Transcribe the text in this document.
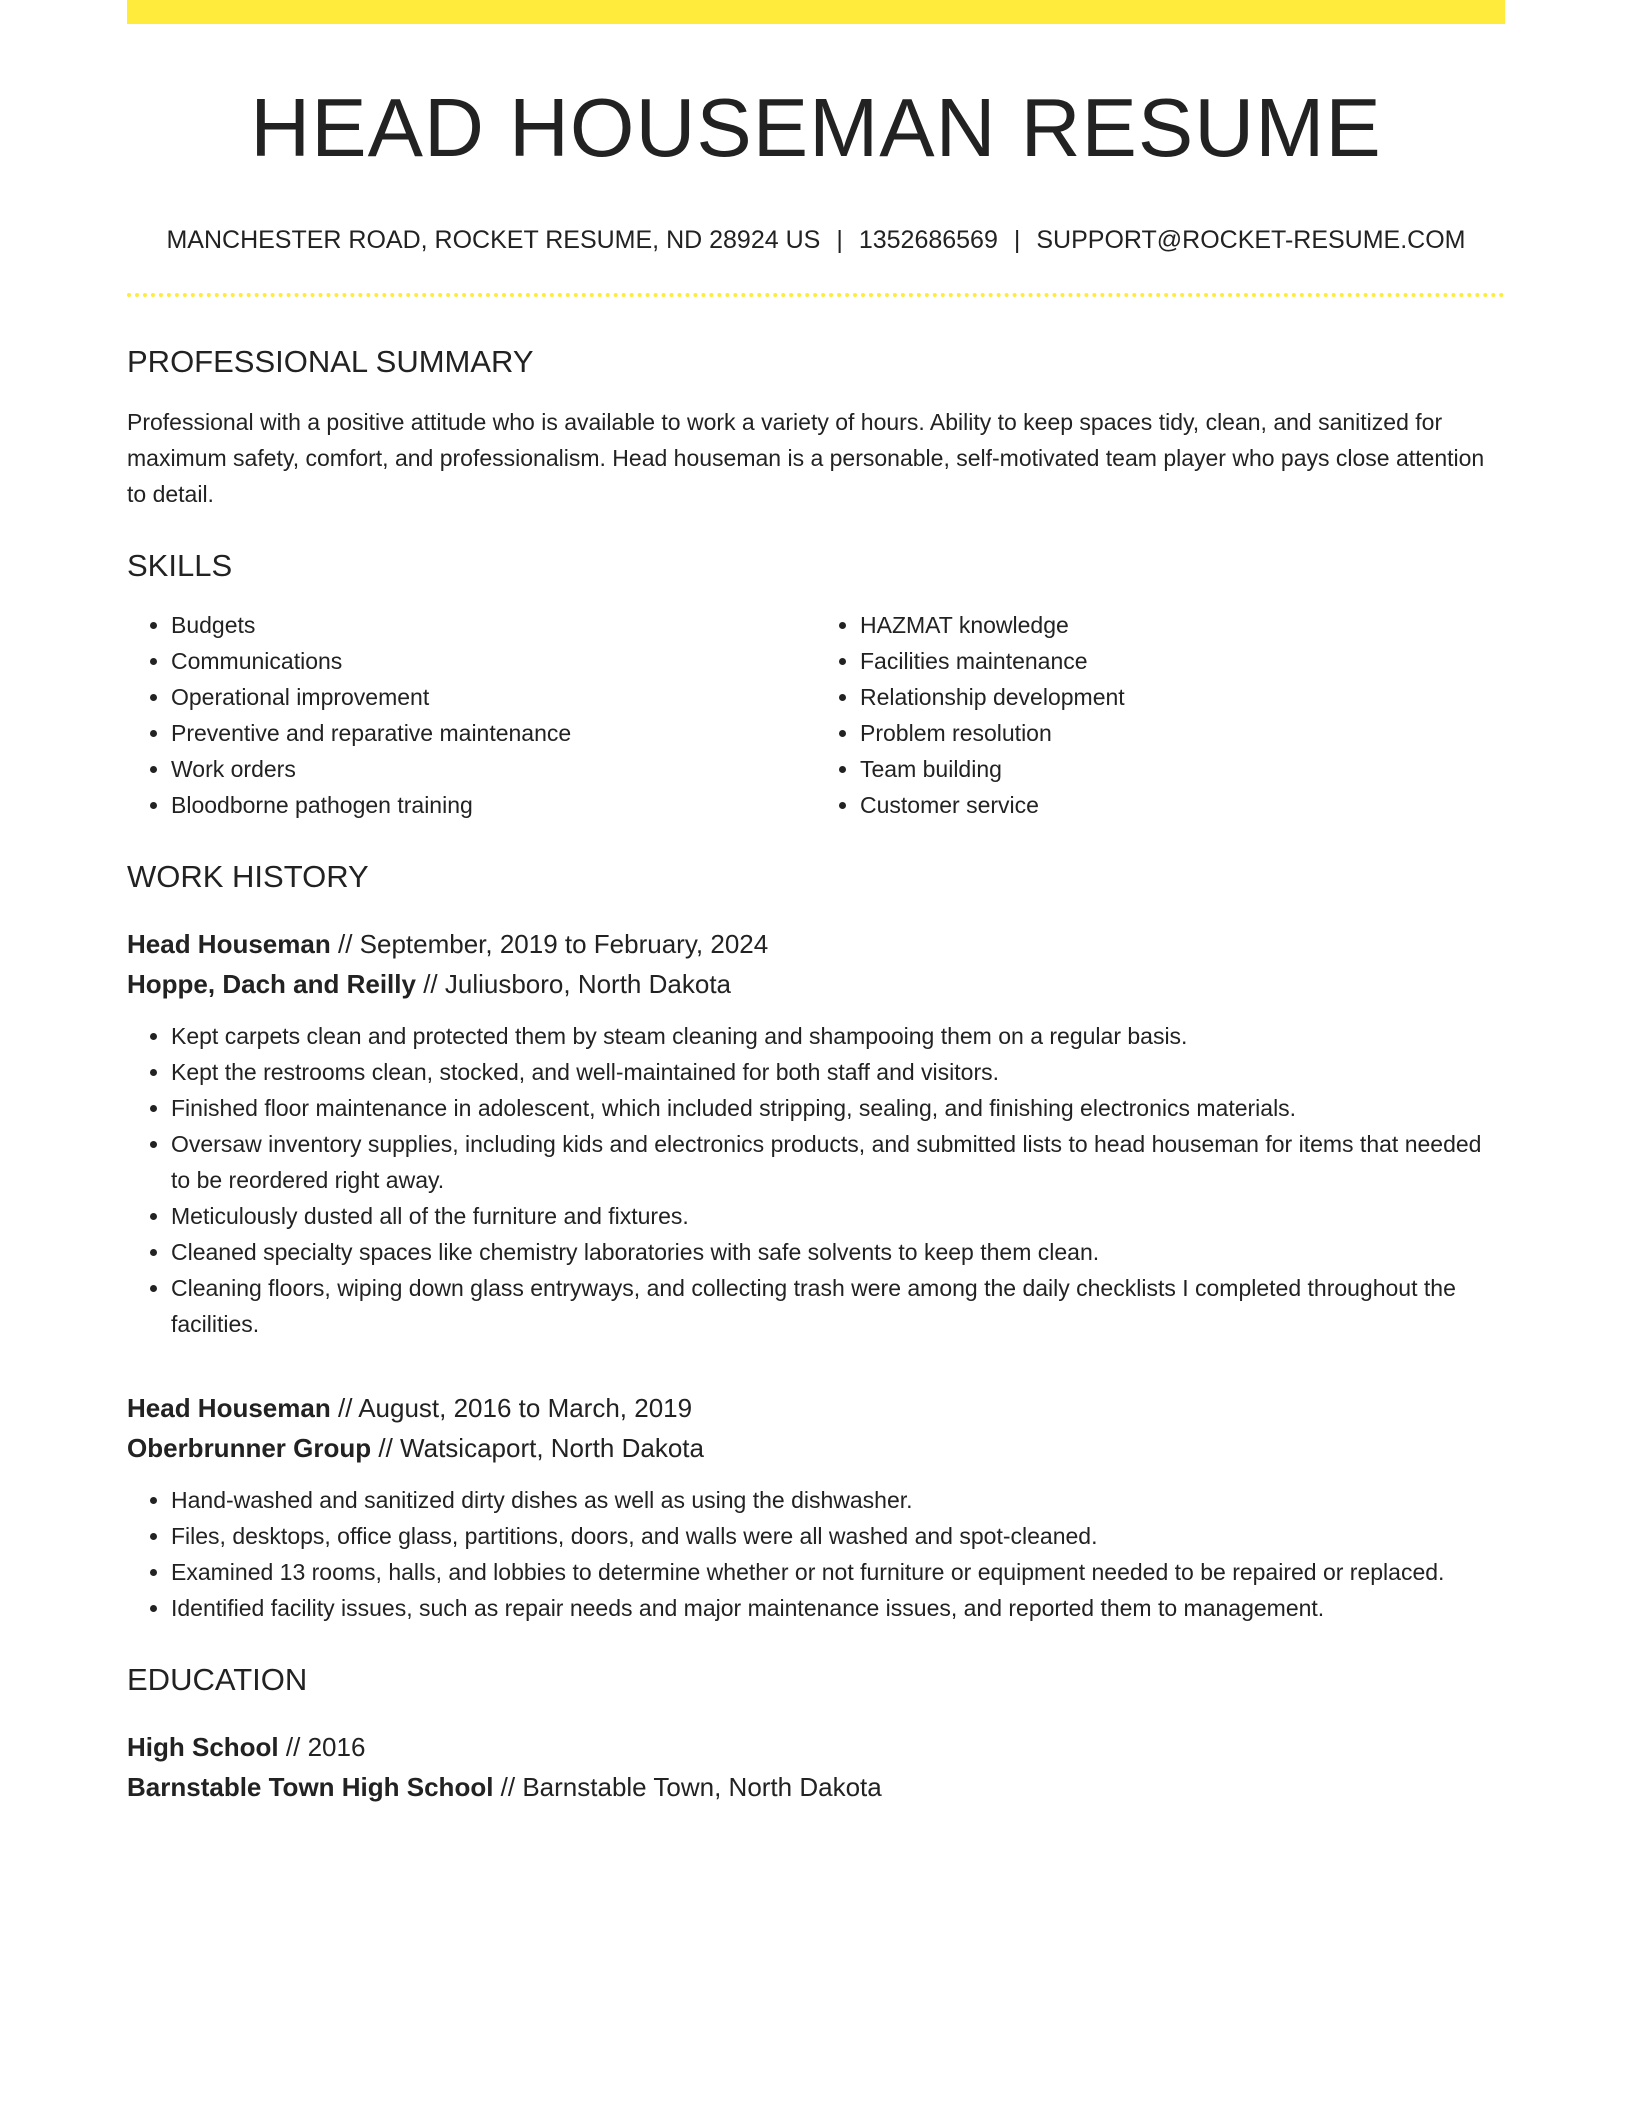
HEAD HOUSEMAN RESUME
MANCHESTER ROAD, ROCKET RESUME, ND 28924 US | 1352686569 | SUPPORT@ROCKET-RESUME.COM
PROFESSIONAL SUMMARY

Professional with a positive attitude who is available to work a variety of hours. Ability to keep spaces tidy, clean, and sanitized for maximum safety, comfort, and professionalism. Head houseman is a personable, self-motivated team player who pays close attention to detail.

SKILLS
• Budgets
• Communications
• Operational improvement
• Preventive and reparative maintenance
• Work orders
• Bloodborne pathogen training
• HAZMAT knowledge
• Facilities maintenance
• Relationship development
• Problem resolution
• Team building
• Customer service
WORK HISTORY
Head Houseman // September, 2019 to February, 2024
Hoppe, Dach and Reilly // Juliusboro, North Dakota
• Kept carpets clean and protected them by steam cleaning and shampooing them on a regular basis.
• Kept the restrooms clean, stocked, and well-maintained for both staff and visitors.
• Finished floor maintenance in adolescent, which included stripping, sealing, and finishing electronics materials.
• Oversaw inventory supplies, including kids and electronics products, and submitted lists to head houseman for items that needed to be reordered right away.
• Meticulously dusted all of the furniture and fixtures.
• Cleaned specialty spaces like chemistry laboratories with safe solvents to keep them clean.
• Cleaning floors, wiping down glass entryways, and collecting trash were among the daily checklists I completed throughout the facilities.
Head Houseman // August, 2016 to March, 2019
Oberbrunner Group // Watsicaport, North Dakota
• Hand-washed and sanitized dirty dishes as well as using the dishwasher.
• Files, desktops, office glass, partitions, doors, and walls were all washed and spot-cleaned.
• Examined 13 rooms, halls, and lobbies to determine whether or not furniture or equipment needed to be repaired or replaced.
• Identified facility issues, such as repair needs and major maintenance issues, and reported them to management.
EDUCATION
High School // 2016
Barnstable Town High School // Barnstable Town, North Dakota
